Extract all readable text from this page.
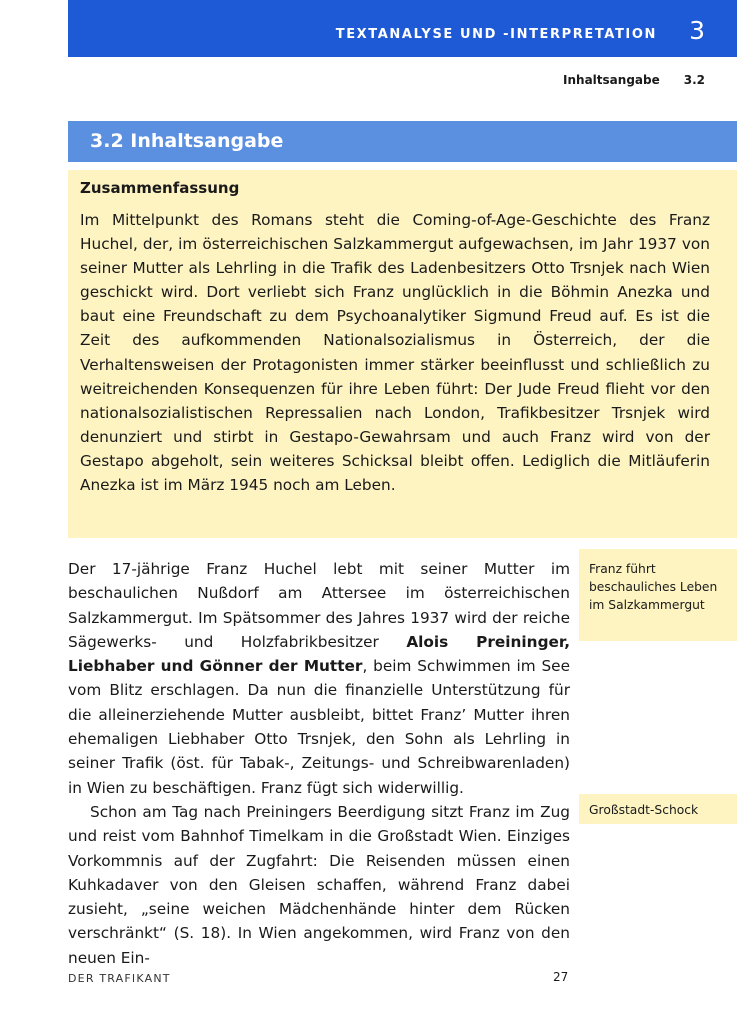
TEXTANALYSE UND -INTERPRETATION 3
Inhaltsangabe 3.2
3.2 Inhaltsangabe
Zusammenfassung
Im Mittelpunkt des Romans steht die Coming-of-Age-Geschichte des Franz Huchel, der, im österreichischen Salzkammergut aufgewachsen, im Jahr 1937 von seiner Mutter als Lehrling in die Trafik des Ladenbesitzers Otto Trsnjek nach Wien geschickt wird. Dort verliebt sich Franz unglücklich in die Böhmin Anezka und baut eine Freundschaft zu dem Psychoanalytiker Sigmund Freud auf. Es ist die Zeit des aufkommenden Nationalsozialismus in Österreich, der die Verhaltensweisen der Protagonisten immer stärker beeinflusst und schließlich zu weitreichenden Konsequenzen für ihre Leben führt: Der Jude Freud flieht vor den nationalsozialistischen Repressalien nach London, Trafikbesitzer Trsnjek wird denunziert und stirbt in Gestapo-Gewahrsam und auch Franz wird von der Gestapo abgeholt, sein weiteres Schicksal bleibt offen. Lediglich die Mitläuferin Anezka ist im März 1945 noch am Leben.
Franz führt beschauliches Leben im Salzkammergut
Großstadt-Schock

Der 17-jährige Franz Huchel lebt mit seiner Mutter im beschaulichen Nußdorf am Attersee im österreichischen Salzkammergut. Im Spätsommer des Jahres 1937 wird der reiche Sägewerks- und Holzfabrikbesitzer Alois Preininger, Liebhaber und Gönner der Mutter, beim Schwimmen im See vom Blitz erschlagen. Da nun die finanzielle Unterstützung für die alleinerziehende Mutter ausbleibt, bittet Franz’ Mutter ihren ehemaligen Liebhaber Otto Trsnjek, den Sohn als Lehrling in seiner Trafik (öst. für Tabak-, Zeitungs- und Schreibwarenladen) in Wien zu beschäftigen. Franz fügt sich widerwillig.

Schon am Tag nach Preiningers Beerdigung sitzt Franz im Zug und reist vom Bahnhof Timelkam in die Großstadt Wien. Einziges Vorkommnis auf der Zugfahrt: Die Reisenden müssen einen Kuhkadaver von den Gleisen schaffen, während Franz dabei zusieht, „seine weichen Mädchenhände hinter dem Rücken verschränkt“ (S. 18). In Wien angekommen, wird Franz von den neuen Ein-

DER TRAFIKANT	27
